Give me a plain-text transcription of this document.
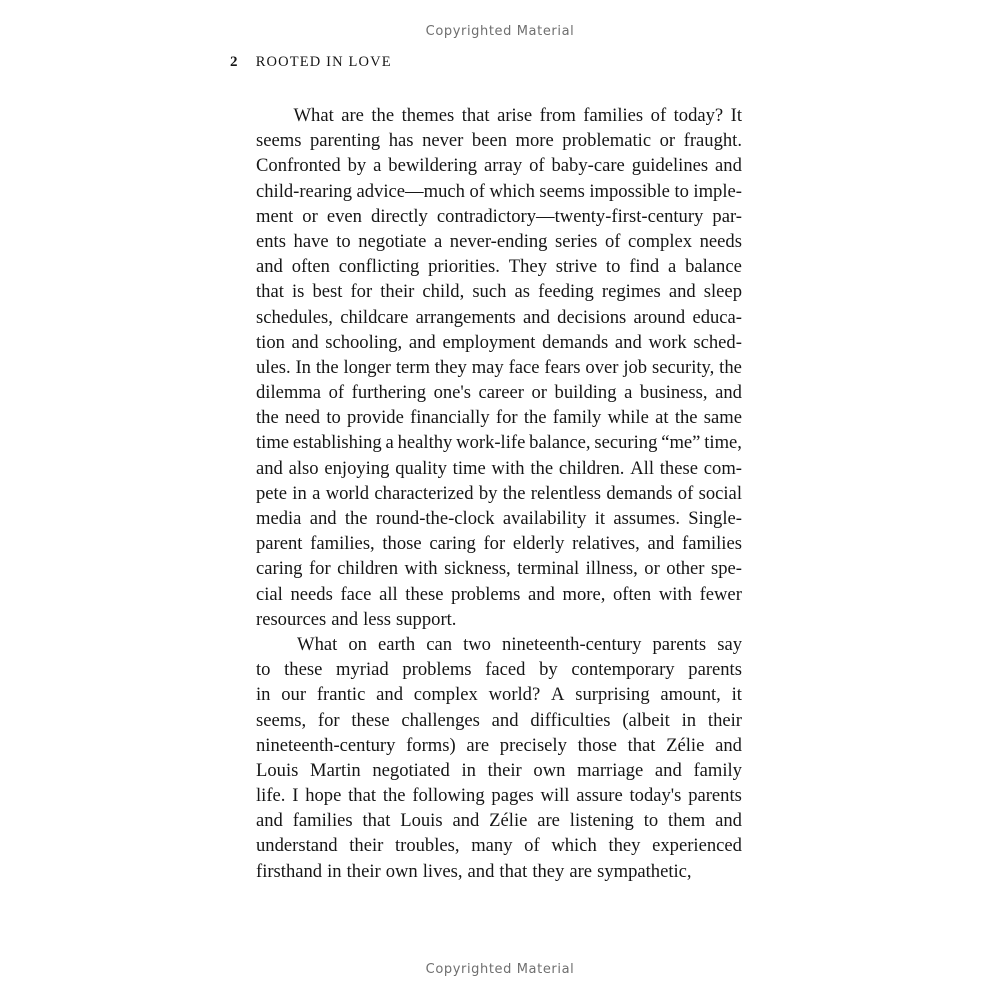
Copyrighted Material
2 ROOTED IN LOVE
What are the themes that arise from families of today? It
seems parenting has never been more problematic or fraught.
Confronted by a bewildering array of baby-care guidelines and
child-rearing advice—much of which seems impossible to imple-
ment or even directly contradictory—twenty-first-century par-
ents have to negotiate a never-ending series of complex needs
and often conflicting priorities. They strive to find a balance
that is best for their child, such as feeding regimes and sleep
schedules, childcare arrangements and decisions around educa-
tion and schooling, and employment demands and work sched-
ules. In the longer term they may face fears over job security, the
dilemma of furthering one's career or building a business, and
the need to provide financially for the family while at the same
time establishing a healthy work-life balance, securing “me” time,
and also enjoying quality time with the children. All these com-
pete in a world characterized by the relentless demands of social
media and the round-the-clock availability it assumes. Single-
parent families, those caring for elderly relatives, and families
caring for children with sickness, terminal illness, or other spe-
cial needs face all these problems and more, often with fewer
resources and less support.
What on earth can two nineteenth-century parents say
to these myriad problems faced by contemporary parents
in our frantic and complex world? A surprising amount, it
seems, for these challenges and difficulties (albeit in their
nineteenth-century forms) are precisely those that Zélie and
Louis Martin negotiated in their own marriage and family
life. I hope that the following pages will assure today's parents
and families that Louis and Zélie are listening to them and
understand their troubles, many of which they experienced
firsthand in their own lives, and that they are sympathetic,
Copyrighted Material
